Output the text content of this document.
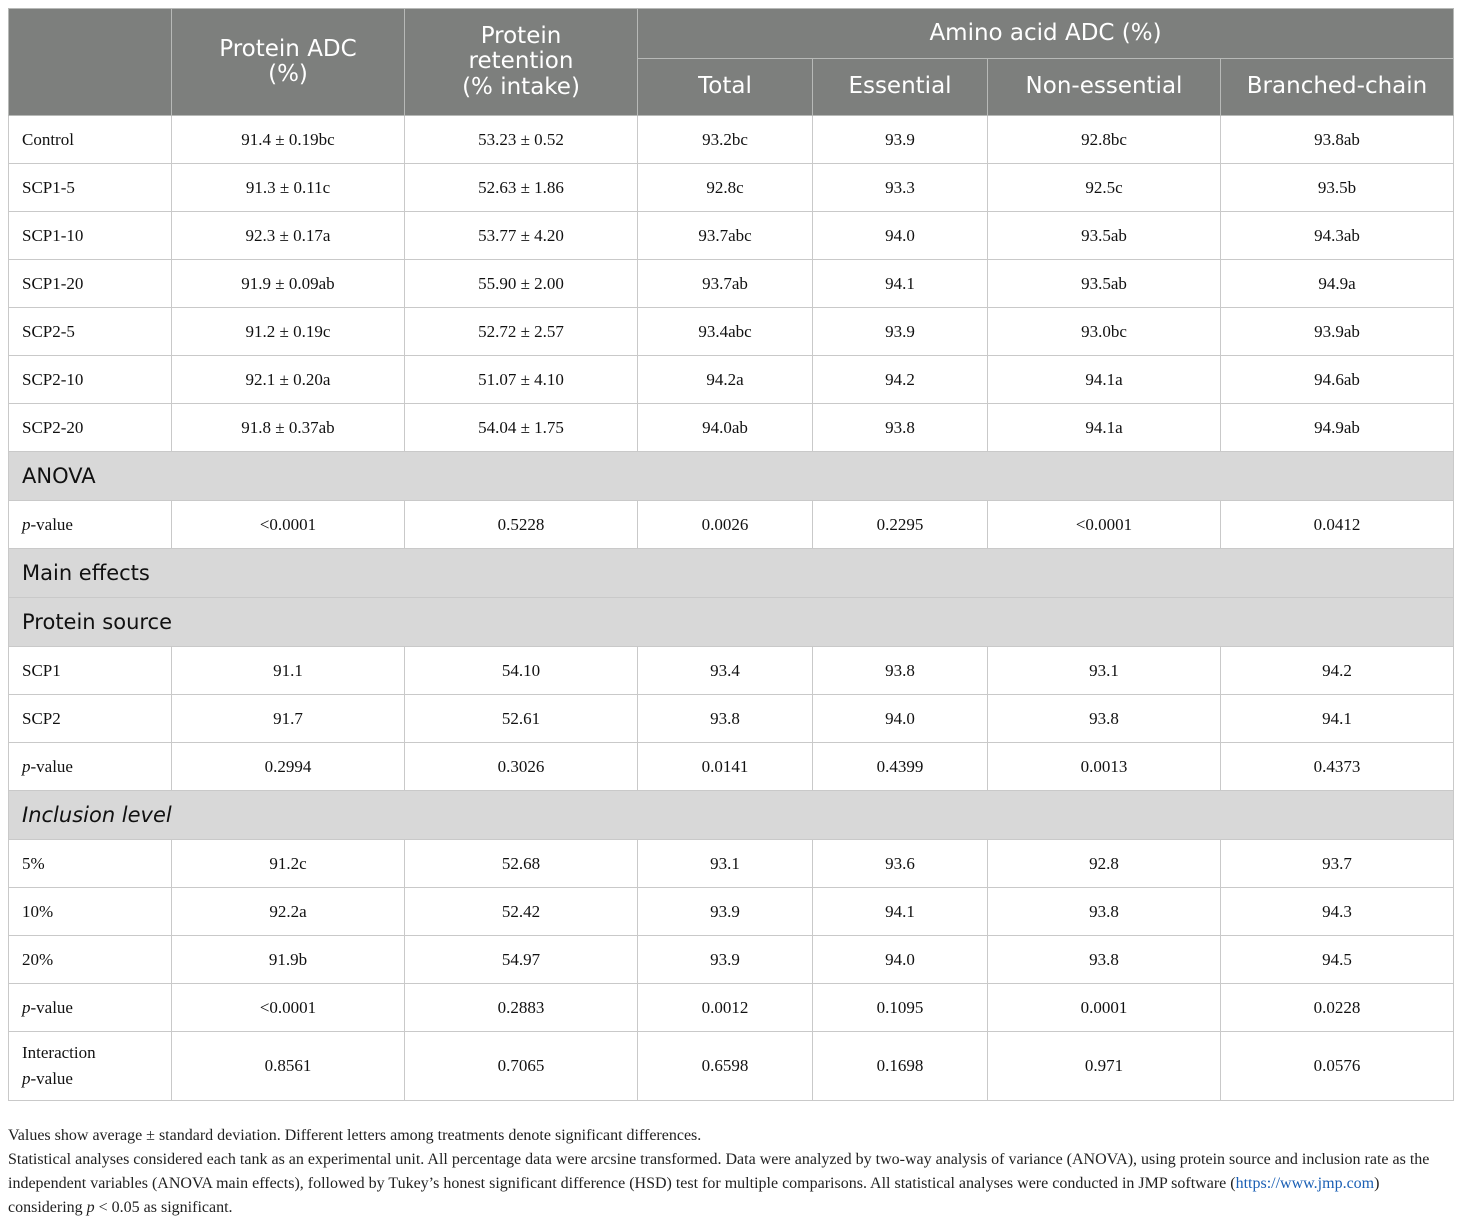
	Protein ADC (%)	Protein retention (% intake)	Amino acid ADC (%)			
			Total	Essential	Non-essential	Branched-chain
Control	91.4 ± 0.19bc	53.23 ± 0.52	93.2bc	93.9	92.8bc	93.8ab
SCP1-5	91.3 ± 0.11c	52.63 ± 1.86	92.8c	93.3	92.5c	93.5b
SCP1-10	92.3 ± 0.17a	53.77 ± 4.20	93.7abc	94.0	93.5ab	94.3ab
SCP1-20	91.9 ± 0.09ab	55.90 ± 2.00	93.7ab	94.1	93.5ab	94.9a
SCP2-5	91.2 ± 0.19c	52.72 ± 2.57	93.4abc	93.9	93.0bc	93.9ab
SCP2-10	92.1 ± 0.20a	51.07 ± 4.10	94.2a	94.2	94.1a	94.6ab
SCP2-20	91.8 ± 0.37ab	54.04 ± 1.75	94.0ab	93.8	94.1a	94.9ab
ANOVA						
p-value	<0.0001	0.5228	0.0026	0.2295	<0.0001	0.0412
Main effects						
Protein source						
SCP1	91.1	54.10	93.4	93.8	93.1	94.2
SCP2	91.7	52.61	93.8	94.0	93.8	94.1
p-value	0.2994	0.3026	0.0141	0.4399	0.0013	0.4373
Inclusion level						
5%	91.2c	52.68	93.1	93.6	92.8	93.7
10%	92.2a	52.42	93.9	94.1	93.8	94.3
20%	91.9b	54.97	93.9	94.0	93.8	94.5
p-value	<0.0001	0.2883	0.0012	0.1095	0.0001	0.0228
Interaction
p-value	0.8561	0.7065	0.6598	0.1698	0.971	0.0576

Values show average ± standard deviation. Different letters among treatments denote significant differences.

Statistical analyses considered each tank as an experimental unit. All percentage data were arcsine transformed. Data were analyzed by two-way analysis of variance (ANOVA), using protein source and inclusion rate as the independent variables (ANOVA main effects), followed by Tukey’s honest significant difference (HSD) test for multiple comparisons. All statistical analyses were conducted in JMP software (https://www.jmp.com) considering p < 0.05 as significant.
